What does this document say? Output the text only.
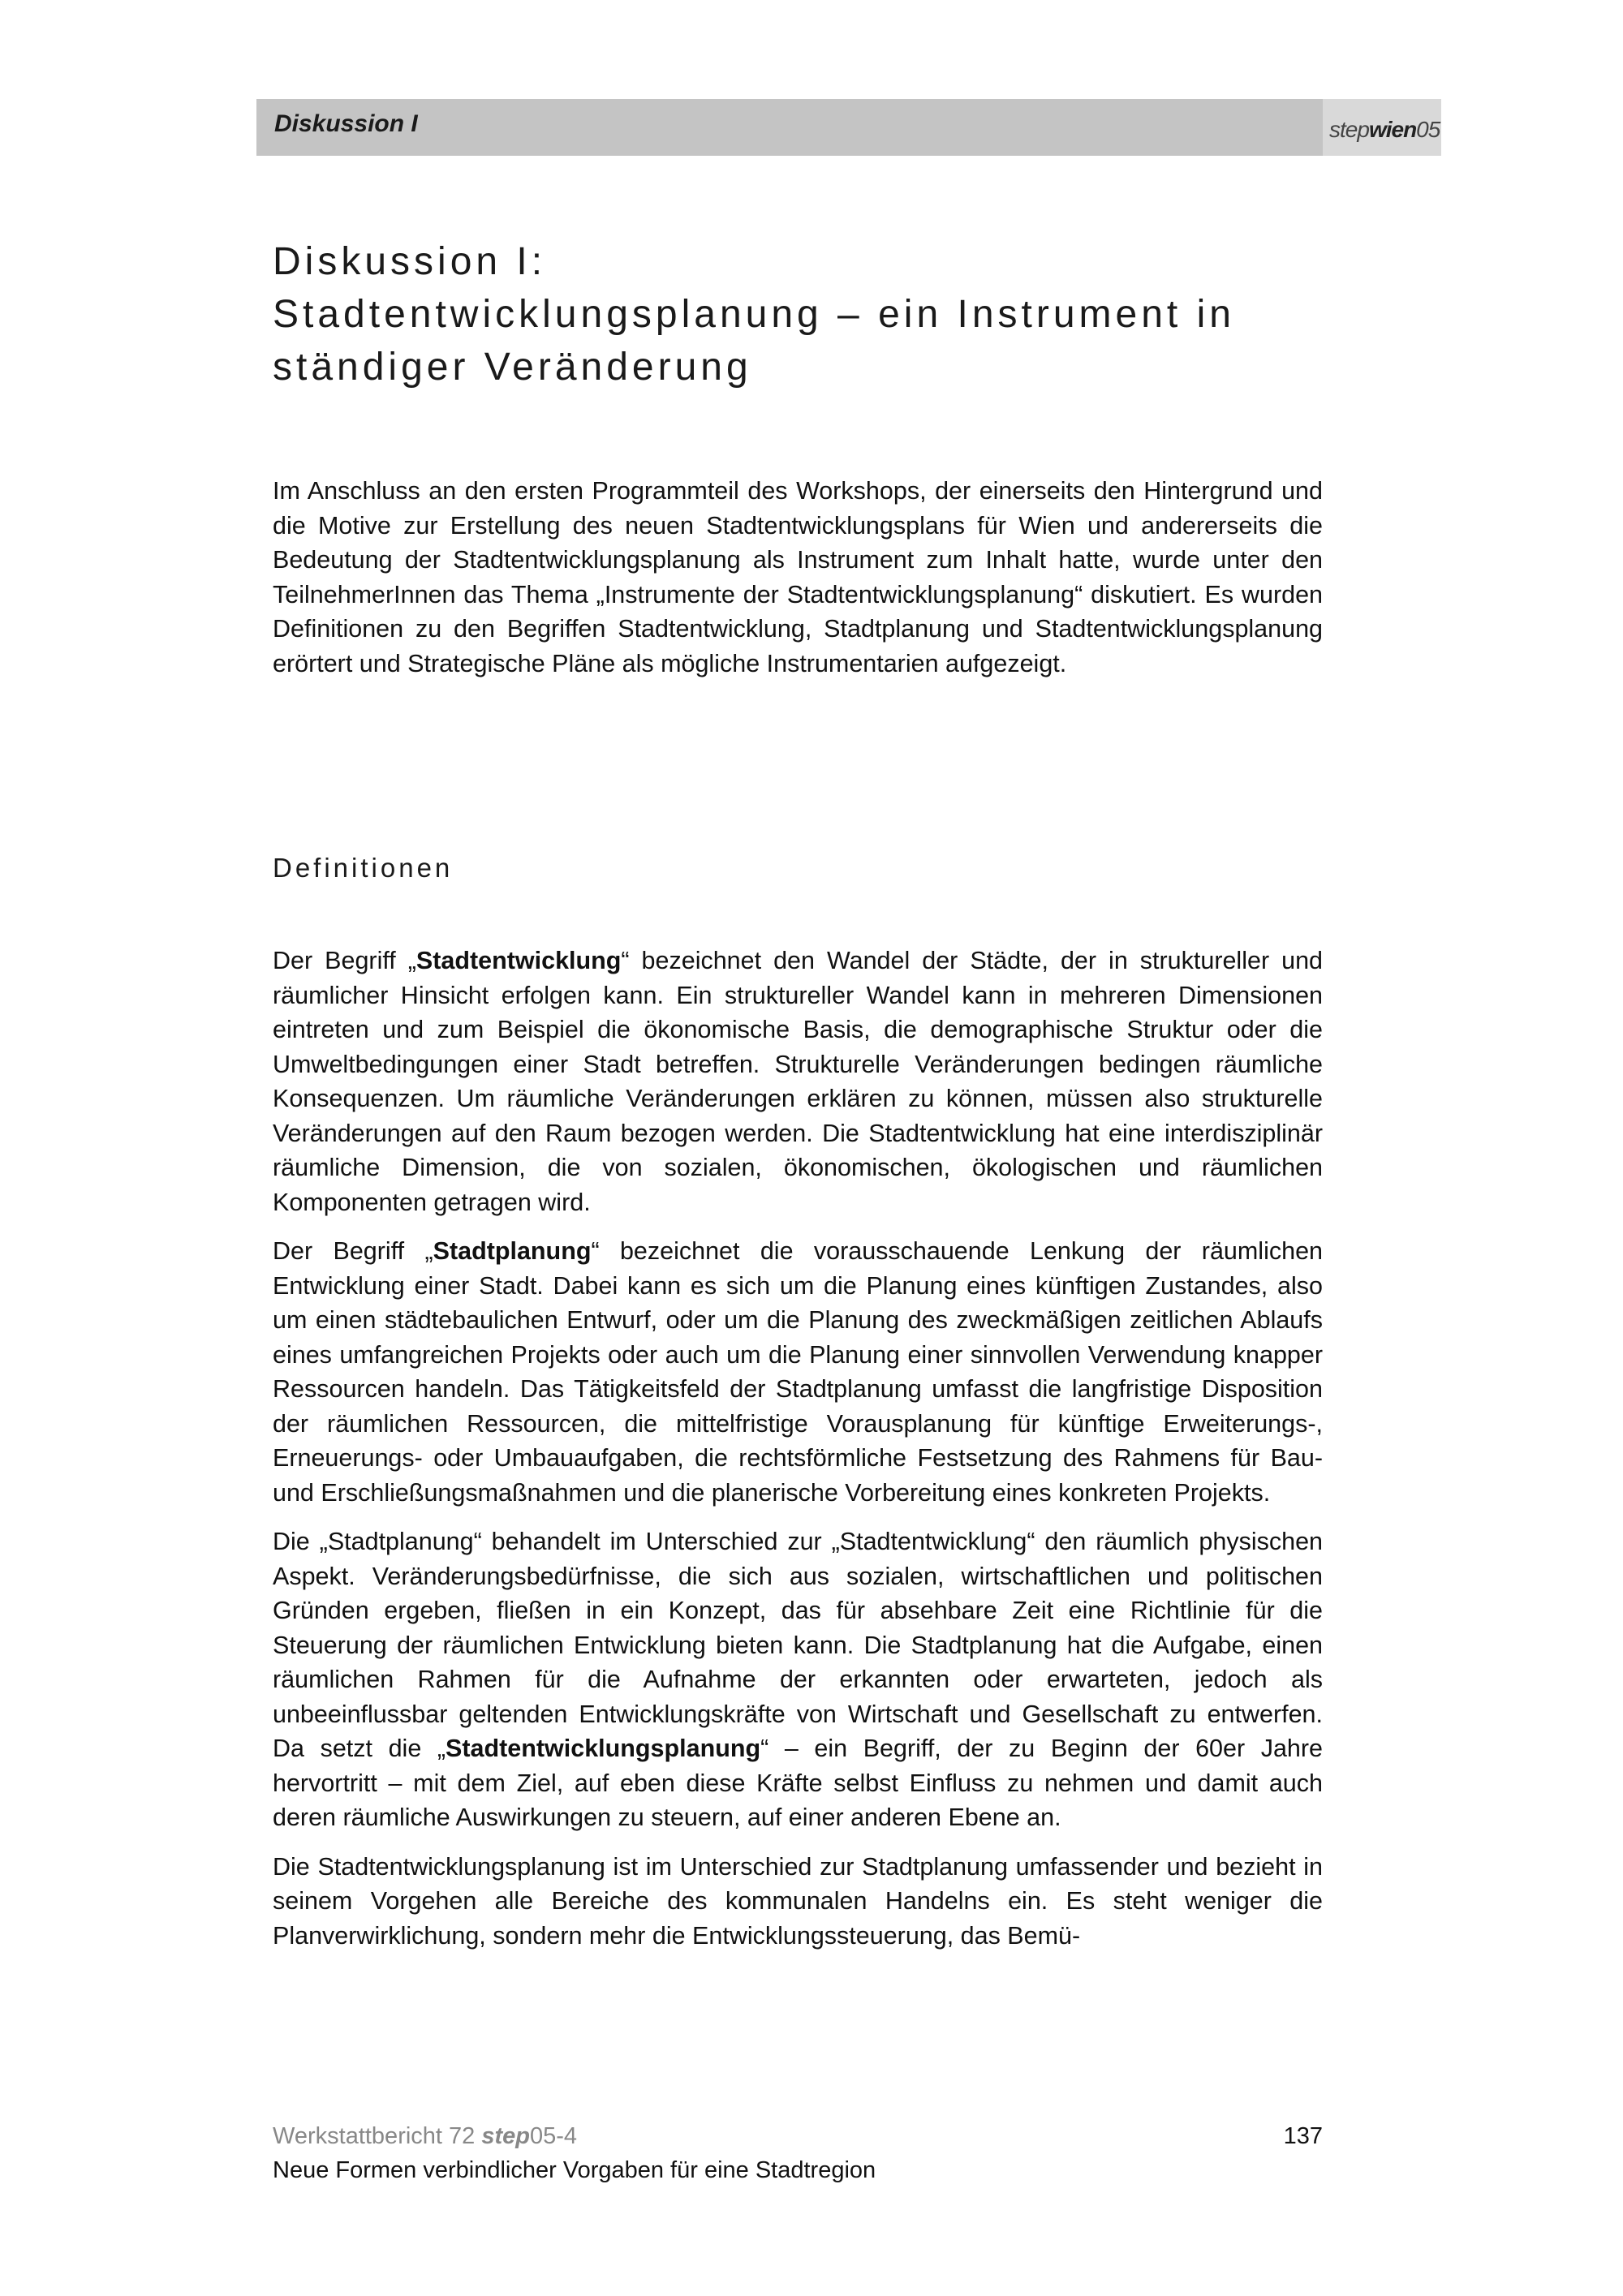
Diskussion I	stepwien05
Diskussion I:
Stadtentwicklungsplanung – ein Instrument in
ständiger Veränderung

Im Anschluss an den ersten Programmteil des Workshops, der einerseits den Hintergrund und die Motive zur Erstellung des neuen Stadtentwicklungsplans für Wien und andererseits die Bedeutung der Stadtentwicklungsplanung als Instrument zum Inhalt hatte, wurde unter den TeilnehmerInnen das Thema „Instrumente der Stadtentwicklungsplanung“ diskutiert. Es wurden Definitionen zu den Begriffen Stadtentwicklung, Stadtplanung und Stadtentwicklungsplanung erörtert und Strategische Pläne als mögliche Instrumentarien aufgezeigt.

Definitionen

Der Begriff „Stadtentwicklung“ bezeichnet den Wandel der Städte, der in struktureller und räumlicher Hinsicht erfolgen kann. Ein struktureller Wandel kann in mehreren Dimensionen eintreten und zum Beispiel die ökonomische Basis, die demographische Struktur oder die Umweltbedingungen einer Stadt betreffen. Strukturelle Veränderungen bedingen räumliche Konsequenzen. Um räumliche Veränderungen erklären zu können, müssen also strukturelle Veränderungen auf den Raum bezogen werden. Die Stadtentwicklung hat eine interdisziplinär räumliche Dimension, die von sozialen, ökonomischen, ökologischen und räumlichen Komponenten getragen wird.

Der Begriff „Stadtplanung“ bezeichnet die vorausschauende Lenkung der räumlichen Entwicklung einer Stadt. Dabei kann es sich um die Planung eines künftigen Zustandes, also um einen städtebaulichen Entwurf, oder um die Planung des zweckmäßigen zeitlichen Ablaufs eines umfangreichen Projekts oder auch um die Planung einer sinnvollen Verwendung knapper Ressourcen handeln. Das Tätigkeitsfeld der Stadtplanung umfasst die langfristige Disposition der räumlichen Ressourcen, die mittelfristige Vorausplanung für künftige Erweiterungs-, Erneuerungs- oder Umbauaufgaben, die rechtsförmliche Festsetzung des Rahmens für Bau- und Erschließungsmaßnahmen und die planerische Vorbereitung eines konkreten Projekts.

Die „Stadtplanung“ behandelt im Unterschied zur „Stadtentwicklung“ den räumlich physischen Aspekt. Veränderungsbedürfnisse, die sich aus sozialen, wirtschaftlichen und politischen Gründen ergeben, fließen in ein Konzept, das für absehbare Zeit eine Richtlinie für die Steuerung der räumlichen Entwicklung bieten kann. Die Stadtplanung hat die Aufgabe, einen räumlichen Rahmen für die Aufnahme der erkannten oder erwarteten, jedoch als unbeeinflussbar geltenden Entwicklungskräfte von Wirtschaft und Gesellschaft zu entwerfen. Da setzt die „Stadtentwicklungsplanung“ – ein Begriff, der zu Beginn der 60er Jahre hervortritt – mit dem Ziel, auf eben diese Kräfte selbst Einfluss zu nehmen und damit auch deren räumliche Auswirkungen zu steuern, auf einer anderen Ebene an.

Die Stadtentwicklungsplanung ist im Unterschied zur Stadtplanung umfassender und bezieht in seinem Vorgehen alle Bereiche des kommunalen Handelns ein. Es steht weniger die Planverwirklichung, sondern mehr die Entwicklungssteuerung, das Bemü-

Werkstattbericht 72 step05-4	137
Neue Formen verbindlicher Vorgaben für eine Stadtregion
